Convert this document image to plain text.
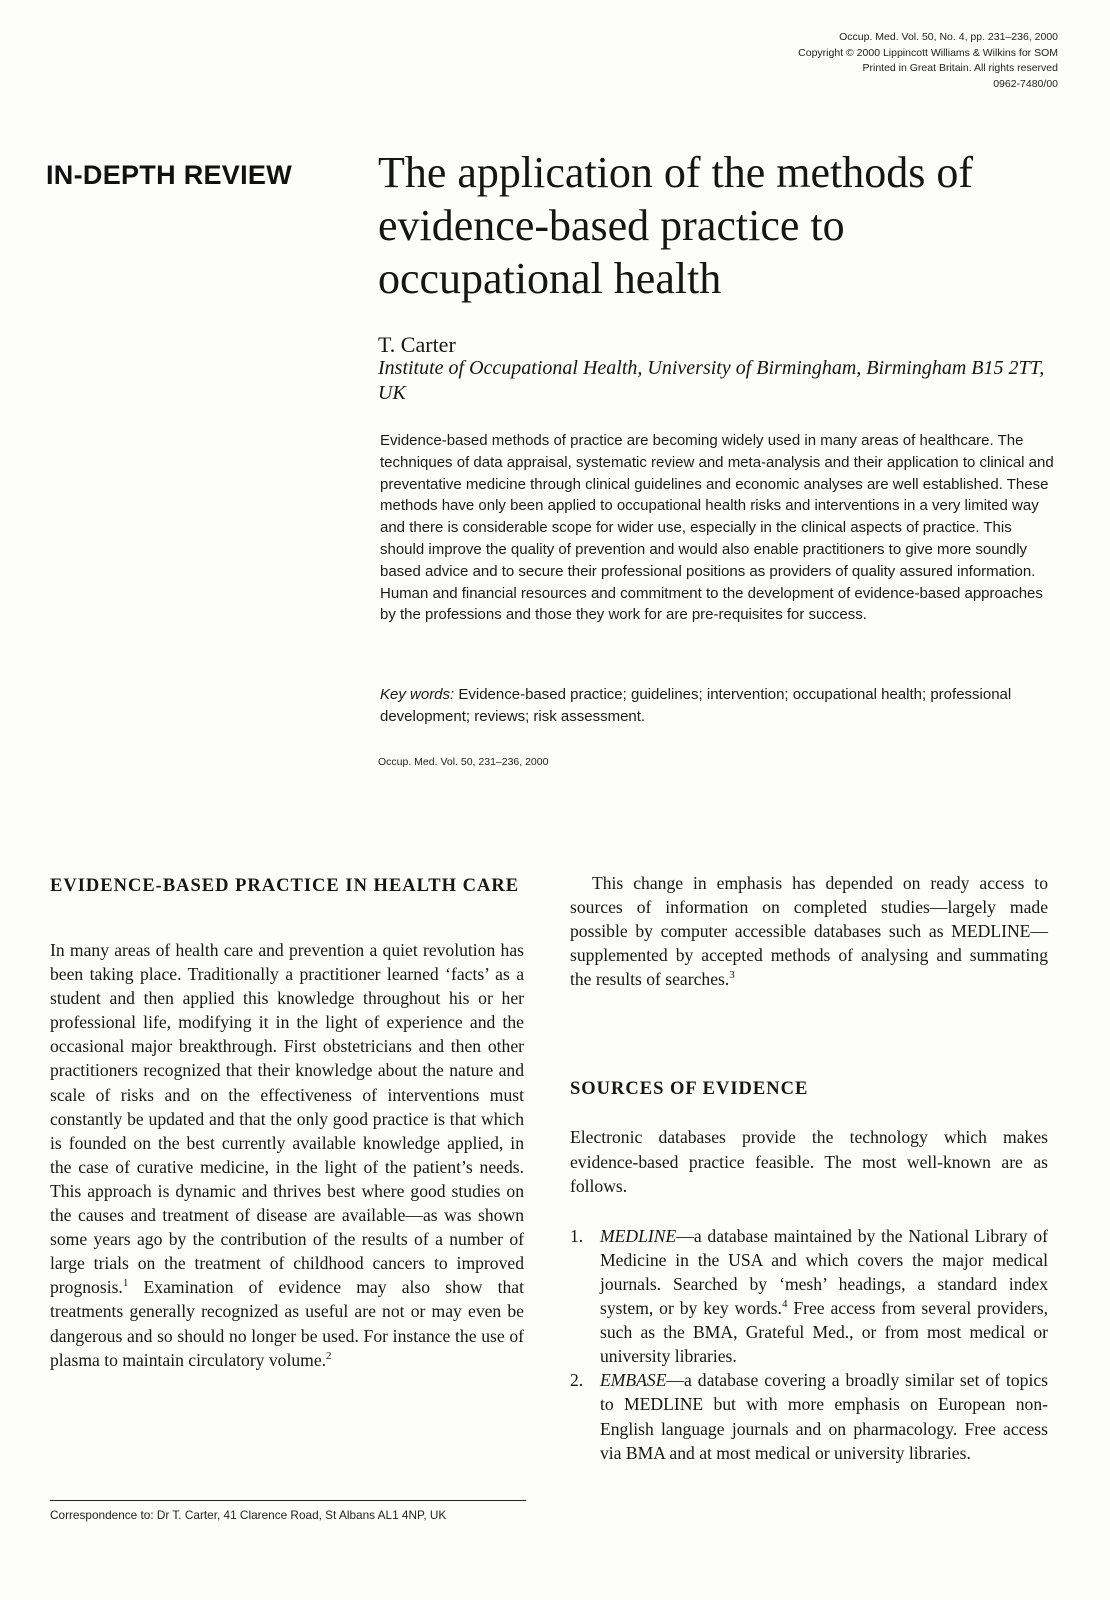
Occup. Med. Vol. 50, No. 4, pp. 231–236, 2000
Copyright © 2000 Lippincott Williams & Wilkins for SOM
Printed in Great Britain. All rights reserved
0962-7480/00
IN-DEPTH REVIEW The application of the methods of evidence-based practice to occupational health
T. Carter
Institute of Occupational Health, University of Birmingham, Birmingham B15 2TT, UK
Evidence-based methods of practice are becoming widely used in many areas of healthcare. The techniques of data appraisal, systematic review and meta-analysis and their application to clinical and preventative medicine through clinical guidelines and economic analyses are well established. These methods have only been applied to occupational health risks and interventions in a very limited way and there is considerable scope for wider use, especially in the clinical aspects of practice. This should improve the quality of prevention and would also enable practitioners to give more soundly based advice and to secure their professional positions as providers of quality assured information. Human and financial resources and commitment to the development of evidence-based approaches by the professions and those they work for are pre-requisites for success.
Key words: Evidence-based practice; guidelines; intervention; occupational health; professional development; reviews; risk assessment.
Occup. Med. Vol. 50, 231–236, 2000
EVIDENCE-BASED PRACTICE IN HEALTH CARE

In many areas of health care and prevention a quiet revolution has been taking place. Traditionally a practitioner learned ‘facts’ as a student and then applied this knowledge throughout his or her professional life, modifying it in the light of experience and the occasional major breakthrough. First obstetricians and then other practitioners recognized that their knowledge about the nature and scale of risks and on the effectiveness of interventions must constantly be updated and that the only good practice is that which is founded on the best currently available knowledge applied, in the case of curative medicine, in the light of the patient’s needs. This approach is dynamic and thrives best where good studies on the causes and treatment of disease are available—as was shown some years ago by the contribution of the results of a number of large trials on the treatment of childhood cancers to improved prognosis.$^1$ Examination of evidence may also show that treatments generally recognized as useful are not or may even be dangerous and so should no longer be used. For instance the use of plasma to maintain circulatory volume.$^2$

Correspondence to: Dr T. Carter, 41 Clarence Road, St Albans AL1 4NP, UK

This change in emphasis has depended on ready access to sources of information on completed studies—largely made possible by computer accessible databases such as MEDLINE—supplemented by accepted methods of analysing and summating the results of searches.$^3$

SOURCES OF EVIDENCE

Electronic databases provide the technology which makes evidence-based practice feasible. The most well-known are as follows.

1. MEDLINE—a database maintained by the National Library of Medicine in the USA and which covers the major medical journals. Searched by ‘mesh’ headings, a standard index system, or by key words.$^4$ Free access from several providers, such as the BMA, Grateful Med., or from most medical or university libraries.
2. EMBASE—a database covering a broadly similar set of topics to MEDLINE but with more emphasis on European non-English language journals and on pharmacology. Free access via BMA and at most medical or university libraries.
